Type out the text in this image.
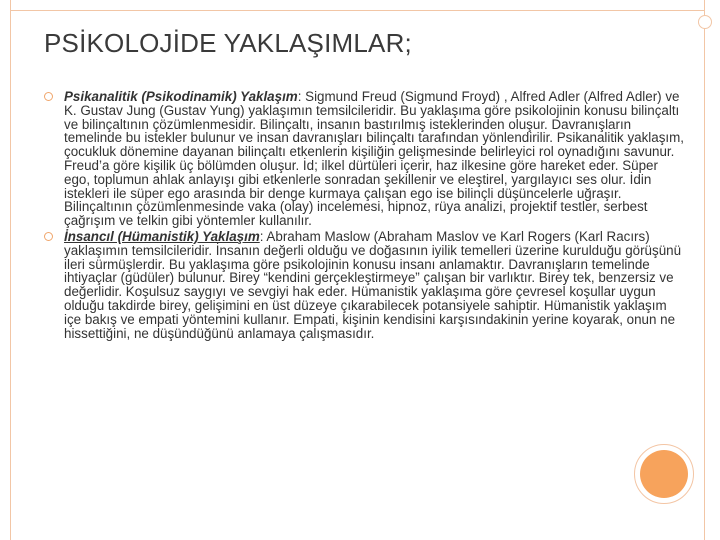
PSİKOLOJİDE YAKLAŞIMLAR;
Psikanalitik (Psikodinamik) Yaklaşım: Sigmund Freud (Sigmund Froyd) , Alfred Adler (Alfred Adler) ve K. Gustav Jung (Gustav Yung) yaklaşımın temsilcileridir. Bu yaklaşıma göre psikolojinin konusu bilinçaltı ve bilinçaltının çözümlenmesidir. Bilinçaltı, insanın bastırılmış isteklerinden oluşur. Davranışların temelinde bu istekler bulunur ve insan davranışları bilinçaltı tarafından yönlendirilir. Psikanalitik yaklaşım, çocukluk dönemine dayanan bilinçaltı etkenlerin kişiliğin gelişmesinde belirleyici rol oynadığını savunur. Freud’a göre kişilik üç bölümden oluşur. İd; ilkel dürtüleri içerir, haz ilkesine göre hareket eder. Süper ego, toplumun ahlak anlayışı gibi etkenlerle sonradan şekillenir ve eleştirel, yargılayıcı ses olur. İdin istekleri ile süper ego arasında bir denge kurmaya çalışan ego ise bilinçli düşüncelerle uğraşır. Bilinçaltının çözümlenmesinde vaka (olay) incelemesi, hipnoz, rüya analizi, projektif testler, serbest çağrışım ve telkin gibi yöntemler kullanılır.
İnsancıl (Hümanistik) Yaklaşım: Abraham Maslow (Abraham Maslov ve Karl Rogers (Karl Racırs) yaklaşımın temsilcileridir. İnsanın değerli olduğu ve doğasının iyilik temelleri üzerine kurulduğu görüşünü ileri sürmüşlerdir. Bu yaklaşıma göre psikolojinin konusu insanı anlamaktır. Davranışların temelinde ihtiyaçlar (güdüler) bulunur. Birey “kendini gerçekleştirmeye” çalışan bir varlıktır. Birey tek, benzersiz ve değerlidir. Koşulsuz saygıyı ve sevgiyi hak eder. Hümanistik yaklaşıma göre çevresel koşullar uygun olduğu takdirde birey, gelişimini en üst düzeye çıkarabilecek potansiyele sahiptir. Hümanistik yaklaşım içe bakış ve empati yöntemini kullanır. Empati, kişinin kendisini karşısındakinin yerine koyarak, onun ne hissettiğini, ne düşündüğünü anlamaya çalışmasıdır.
